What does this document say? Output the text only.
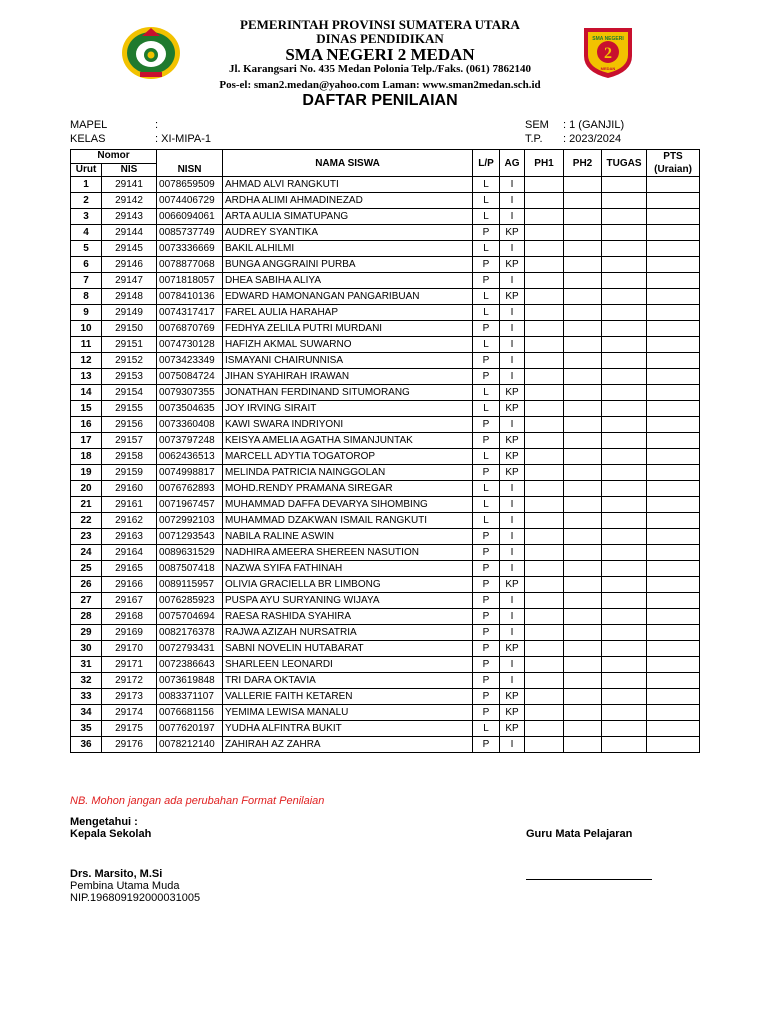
PEMERINTAH PROVINSI SUMATERA UTARA
DINAS PENDIDIKAN
SMA NEGERI 2 MEDAN
Jl. Karangsari No. 435 Medan Polonia Telp./Faks. (061) 7862140
Pos-el: sman2.medan@yahoo.com Laman: www.sman2medan.sch.id
2
SMA NEGERI
MEDAN
DAFTAR PENILAIAN
MAPEL	:
KELAS	: XI-MIPA-1
SEM : 1 (GANJIL)
T.P. : 2023/2024
Nomor			NAMA SISWA	L/P	AG	PH1	PH2	TUGAS	PTS
(Uraian)

Urut	NIS	NISN							
1	29141	0078659509	AHMAD ALVI RANGKUTI	L	I				
2	29142	0074406729	ARDHA ALIMI AHMADINEZAD	L	I				
3	29143	0066094061	ARTA AULIA SIMATUPANG	L	I				
4	29144	0085737749	AUDREY SYANTIKA	P	KP				
5	29145	0073336669	BAKIL ALHILMI	L	I				
6	29146	0078877068	BUNGA ANGGRAINI PURBA	P	KP				
7	29147	0071818057	DHEA SABIHA ALIYA	P	I				
8	29148	0078410136	EDWARD HAMONANGAN PANGARIBUAN	L	KP				
9	29149	0074317417	FAREL AULIA HARAHAP	L	I				
10	29150	0076870769	FEDHYA ZELILA PUTRI MURDANI	P	I				
11	29151	0074730128	HAFIZH AKMAL SUWARNO	L	I				
12	29152	0073423349	ISMAYANI CHAIRUNNISA	P	I				
13	29153	0075084724	JIHAN SYAHIRAH IRAWAN	P	I				
14	29154	0079307355	JONATHAN FERDINAND SITUMORANG	L	KP				
15	29155	0073504635	JOY IRVING SIRAIT	L	KP				
16	29156	0073360408	KAWI SWARA INDRIYONI	P	I				
17	29157	0073797248	KEISYA AMELIA AGATHA SIMANJUNTAK	P	KP				
18	29158	0062436513	MARCELL ADYTIA TOGATOROP	L	KP				
19	29159	0074998817	MELINDA PATRICIA NAINGGOLAN	P	KP				
20	29160	0076762893	MOHD.RENDY PRAMANA SIREGAR	L	I				
21	29161	0071967457	MUHAMMAD DAFFA DEVARYA SIHOMBING	L	I				
22	29162	0072992103	MUHAMMAD DZAKWAN ISMAIL RANGKUTI	L	I				
23	29163	0071293543	NABILA RALINE ASWIN	P	I				
24	29164	0089631529	NADHIRA AMEERA SHEREEN NASUTION	P	I				
25	29165	0087507418	NAZWA SYIFA FATHINAH	P	I				
26	29166	0089115957	OLIVIA GRACIELLA BR LIMBONG	P	KP				
27	29167	0076285923	PUSPA AYU SURYANING WIJAYA	P	I				
28	29168	0075704694	RAESA RASHIDA SYAHIRA	P	I				
29	29169	0082176378	RAJWA AZIZAH NURSATRIA	P	I				
30	29170	0072793431	SABNI NOVELIN HUTABARAT	P	KP				
31	29171	0072386643	SHARLEEN LEONARDI	P	I				
32	29172	0073619848	TRI DARA OKTAVIA	P	I				
33	29173	0083371107	VALLERIE FAITH KETAREN	P	KP				
34	29174	0076681156	YEMIMA LEWISA MANALU	P	KP				
35	29175	0077620197	YUDHA ALFINTRA BUKIT	L	KP				
36	29176	0078212140	ZAHIRAH AZ ZAHRA	P	I				
NB. Mohon jangan ada perubahan Format Penilaian
Mengetahui :
Kepala Sekolah	Guru Mata Pelajaran
Drs. Marsito, M.Si
Pembina Utama Muda
NIP.196809192000031005
